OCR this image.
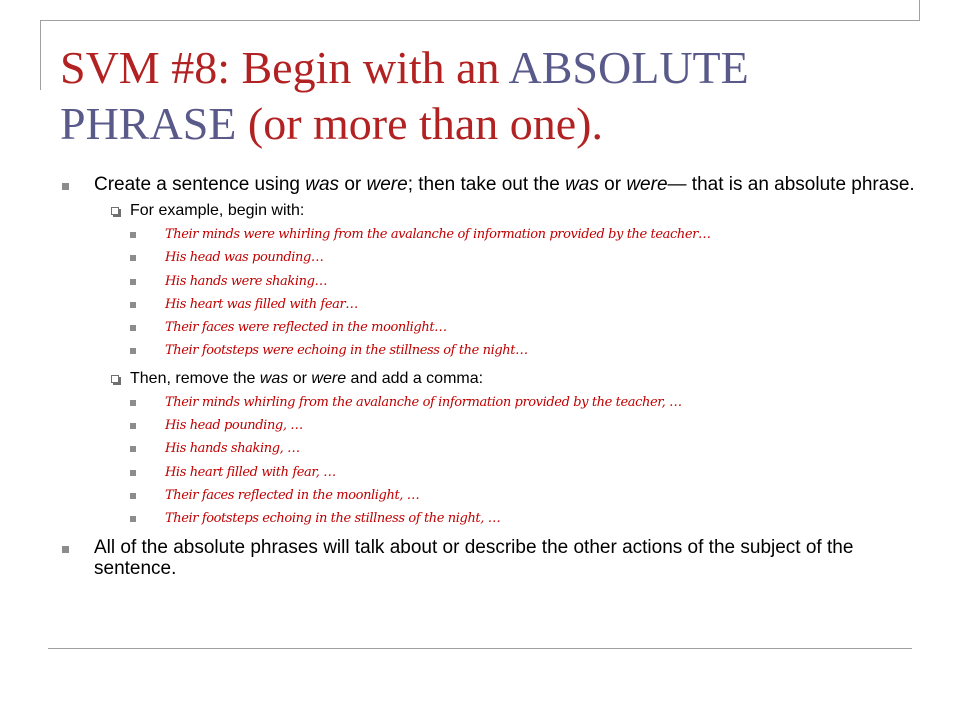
SVM #8: Begin with an ABSOLUTE PHRASE (or more than one).
Create a sentence using was or were; then take out the was or were— that is an absolute phrase.
For example, begin with:
Their minds were whirling from the avalanche of information provided by the teacher…
His head was pounding…
His hands were shaking…
His heart was filled with fear…
Their faces were reflected in the moonlight…
Their footsteps were echoing in the stillness of the night…
Then, remove the was or were and add a comma:
Their minds whirling from the avalanche of information provided by the teacher, …
His head pounding, …
His hands shaking, …
His heart filled with fear, …
Their faces reflected in the moonlight, …
Their footsteps echoing in the stillness of the night, …
All of the absolute phrases will talk about or describe the other actions of the subject of the sentence.
